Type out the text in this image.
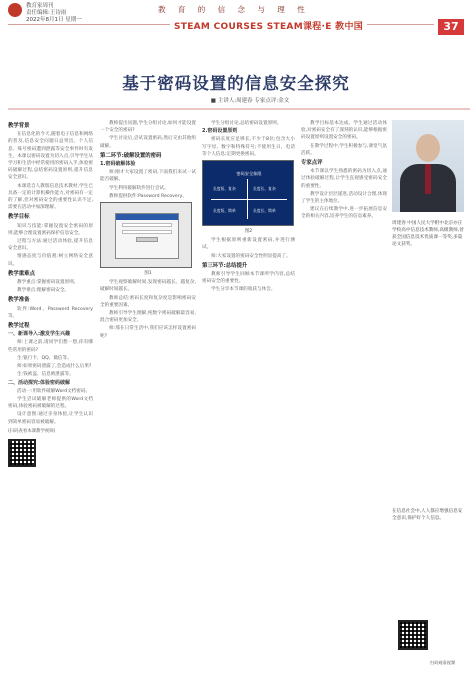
教育家周刊
责任编辑:王诗雨
2022年8月1日 星期一
教 育 的 信 念 与 理 性
STEAM COURSES STEAM课程·E 教中国	37
基于密码设置的信息安全探究
■ 主讲人:周建春 专家点评:金文
教学背景

在信息化的今天,随着电子信息和网络的普及,信息安全问题日益突出。个人信息、账号密码遭到泄露等安全事件时有发生。本课以密码设置为切入点,引导学生从学习和生活中经常使用的密码入手,体验密码破解过程,总结密码设置原则,提升信息安全意识。

本课选自人教版信息技术教材,学生已具备一定的计算机操作能力,对密码有一定的了解,但对密码安全的重要性认识不足,需要在活动中加深理解。

教学目标

知识与技能:掌握设置安全密码的原则,能够合理设置密码保护信息安全。

过程与方法:通过活动体验,提升信息安全意识。

情感态度与价值观:树立网络安全意识。

教学重难点

教学重点:掌握密码设置原则。

教学难点:理解密码安全。

教学准备

软件:Word、Password Recovery等。

教学过程
一、新课导入:激发学生兴趣

师:上课之前,请同学们想一想,你有哪些常用的密码?

生:银行卡、QQ、微信等。

师:如果密码泄露了,会造成什么后果?

生:钱被盗、信息被泄露等。

二、活动探究:体验密码破解

活动一:用软件破解Word文档密码。

学生尝试破解老师提供的Word文档密码,体验密码被破解的过程。

设计意图:通过亲身体验,让学生认识到简单密码容易被破解。

(扫码查看本课教学视频)

教师提出问题,学生分组讨论,如何才能设置一个安全的密码?

学生讨论后,尝试设置密码,然后交由其他组破解。

第二环节:破解设置的密码
1.密码破解体验

师:刚才大家设置了密码,下面我们来试一试能否破解。

学生利用破解软件进行尝试。

教师提供软件:Password Recovery。

图1

学生观察破解时间,发现密码越长、越复杂,破解时间越长。

教师总结:密码长度和复杂度是影响密码安全的重要因素。

教师引导学生理解,纯数字密码破解最容易,混合密码更加安全。

师:那在日常生活中,我们应该怎样设置密码呢?

学生分组讨论,总结密码设置原则。

2.密码设置原则

密码长度应足够长,不少于8位;包含大小写字母、数字和特殊符号;不使用生日、电话等个人信息;定期更换密码。

密码安全象限
长度短、复杂	长度长、复杂
长度短、简单	长度长、简单
图2

学生根据原则重新设置密码,并进行测试。

师:大家设置的密码安全性明显提高了。

第三环节:总结提升

教师引导学生回顾本节课所学内容,总结密码安全的重要性。

学生分享本节课的收获与体会。

教学目标基本达成。学生通过活动体验,对密码安全有了深刻的认识,能够根据密码设置原则设置安全的密码。

在教学过程中,学生积极参与,课堂气氛活跃。

专家点评

本节课以学生熟悉的密码为切入点,通过体验破解过程,让学生直观感受密码安全的重要性。

教学设计层层递进,活动设计合理,体现了学生的主体地位。

建议在后续教学中,进一步拓展信息安全的相关内容,培养学生的信息素养。

周建春 中国人民大学附中北京亦庄学校高中信息技术教师,高级教师,曾获全国信息技术优质课一等奖,多篇论文获奖。
在信息社会中,人人都应增强信息安全意识,保护好个人信息。
扫码观看视频
